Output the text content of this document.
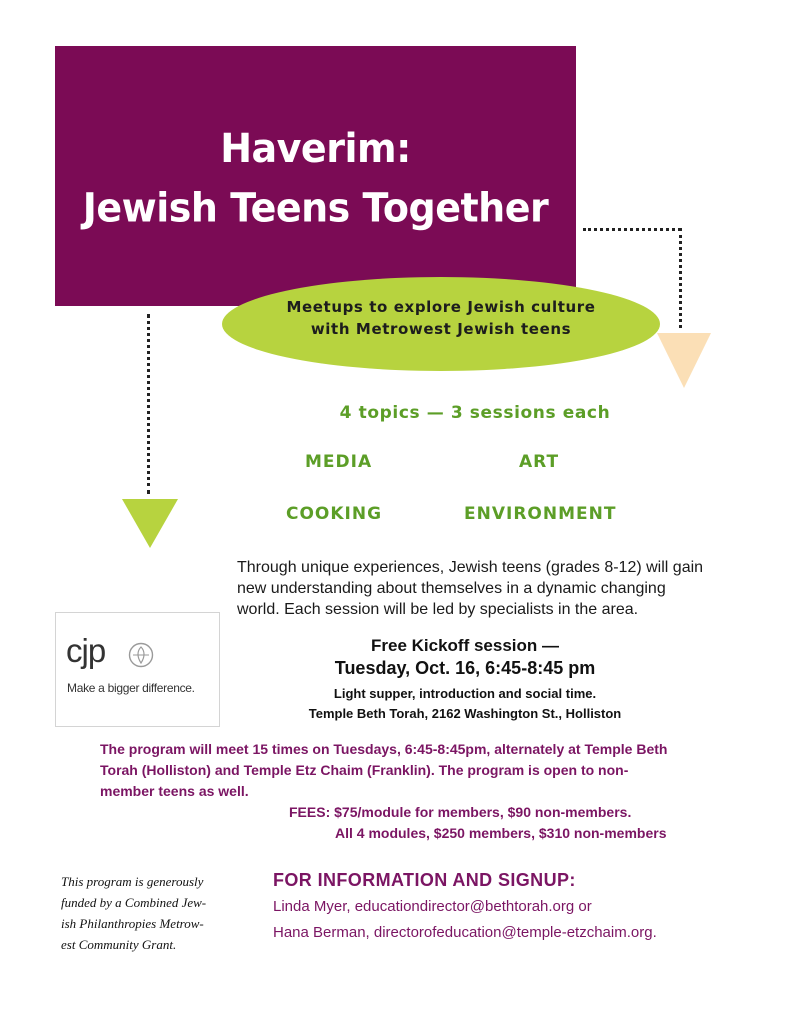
Haverim:
Jewish Teens Together
Meetups to explore Jewish culture
with Metrowest Jewish teens
4 topics — 3 sessions each
MEDIA	ART
COOKING	ENVIRONMENT
Through unique experiences, Jewish teens (grades 8-12) will gain
new understanding about themselves in a dynamic changing
world. Each session will be led by specialists in the area.
cjp
Make a bigger difference.
Free Kickoff session —
Tuesday, Oct. 16, 6:45-8:45 pm
Light supper, introduction and social time.
Temple Beth Torah, 2162 Washington St., Holliston
The program will meet 15 times on Tuesdays, 6:45-8:45pm, alternately at Temple Beth
Torah (Holliston) and Temple Etz Chaim (Franklin). The program is open to non-
member teens as well.
FEES: $75/module for members, $90 non-members.
All 4 modules, $250 members, $310 non-members
This program is generously
funded by a Combined Jew-
ish Philanthropies Metrow-
est Community Grant.
FOR INFORMATION AND SIGNUP:
Linda Myer, educationdirector@bethtorah.org or
Hana Berman, directorofeducation@temple-etzchaim.org.
